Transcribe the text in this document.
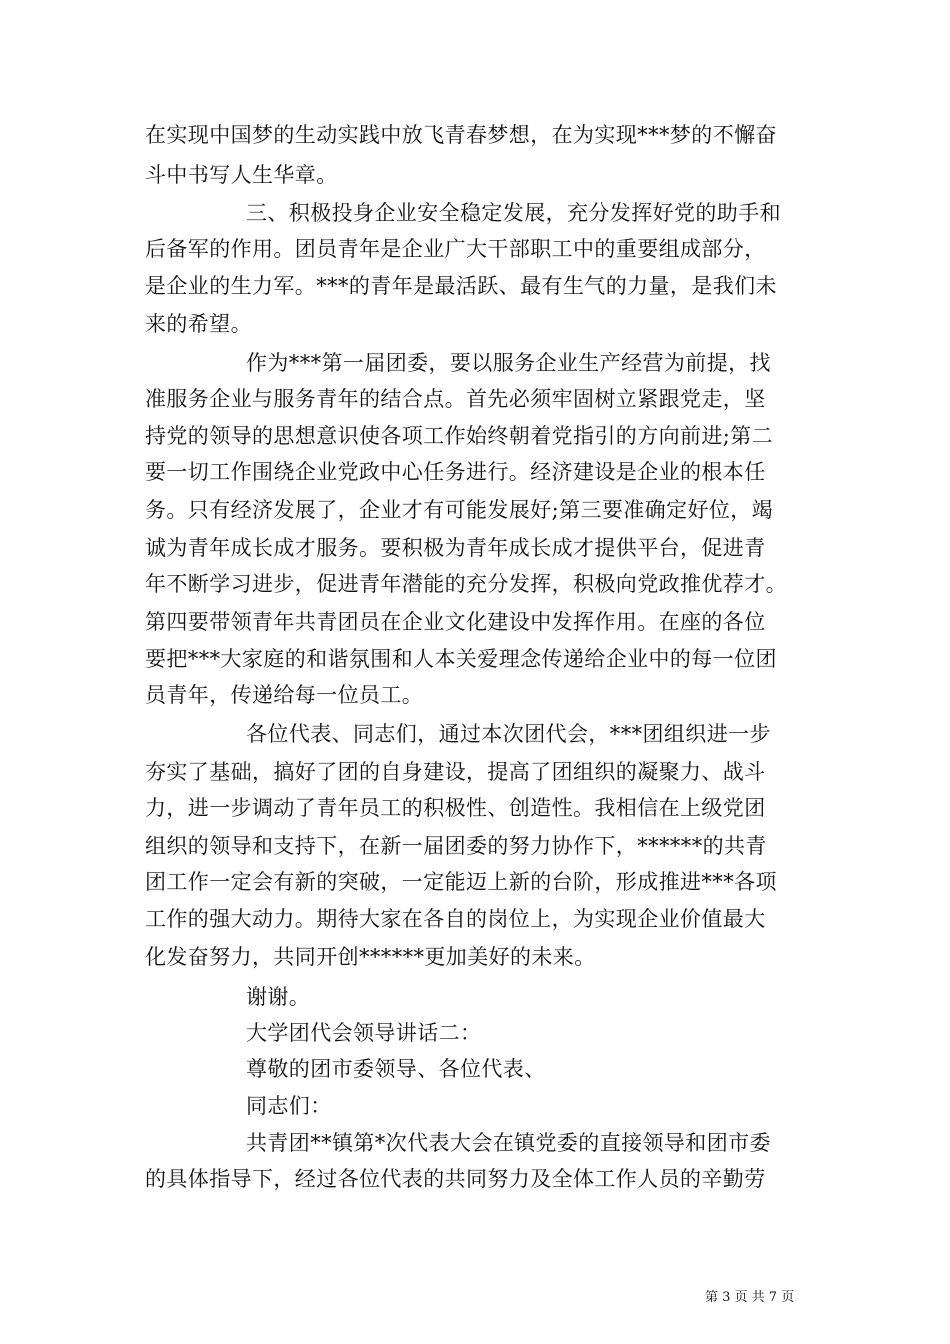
在实现中国梦的生动实践中放飞青春梦想，在为实现***梦的不懈奋
斗中书写人生华章。
三、积极投身企业安全稳定发展，充分发挥好党的助手和
后备军的作用。团员青年是企业广大干部职工中的重要组成部分，
是企业的生力军。***的青年是最活跃、最有生气的力量，是我们未
来的希望。
作为***第一届团委，要以服务企业生产经营为前提，找
准服务企业与服务青年的结合点。首先必须牢固树立紧跟党走，坚
持党的领导的思想意识使各项工作始终朝着党指引的方向前进;第二
要一切工作围绕企业党政中心任务进行。经济建设是企业的根本任
务。只有经济发展了，企业才有可能发展好;第三要准确定好位，竭
诚为青年成长成才服务。要积极为青年成长成才提供平台，促进青
年不断学习进步，促进青年潜能的充分发挥，积极向党政推优荐才。
第四要带领青年共青团员在企业文化建设中发挥作用。在座的各位
要把***大家庭的和谐氛围和人本关爱理念传递给企业中的每一位团
员青年，传递给每一位员工。
各位代表、同志们，通过本次团代会，***团组织进一步
夯实了基础，搞好了团的自身建设，提高了团组织的凝聚力、战斗
力，进一步调动了青年员工的积极性、创造性。我相信在上级党团
组织的领导和支持下，在新一届团委的努力协作下，******的共青
团工作一定会有新的突破，一定能迈上新的台阶，形成推进***各项
工作的强大动力。期待大家在各自的岗位上，为实现企业价值最大
化发奋努力，共同开创******更加美好的未来。
谢谢。
大学团代会领导讲话二：
尊敬的团市委领导、各位代表、
同志们：
共青团**镇第*次代表大会在镇党委的直接领导和团市委
的具体指导下，经过各位代表的共同努力及全体工作人员的辛勤劳
第 3 页 共 7 页
